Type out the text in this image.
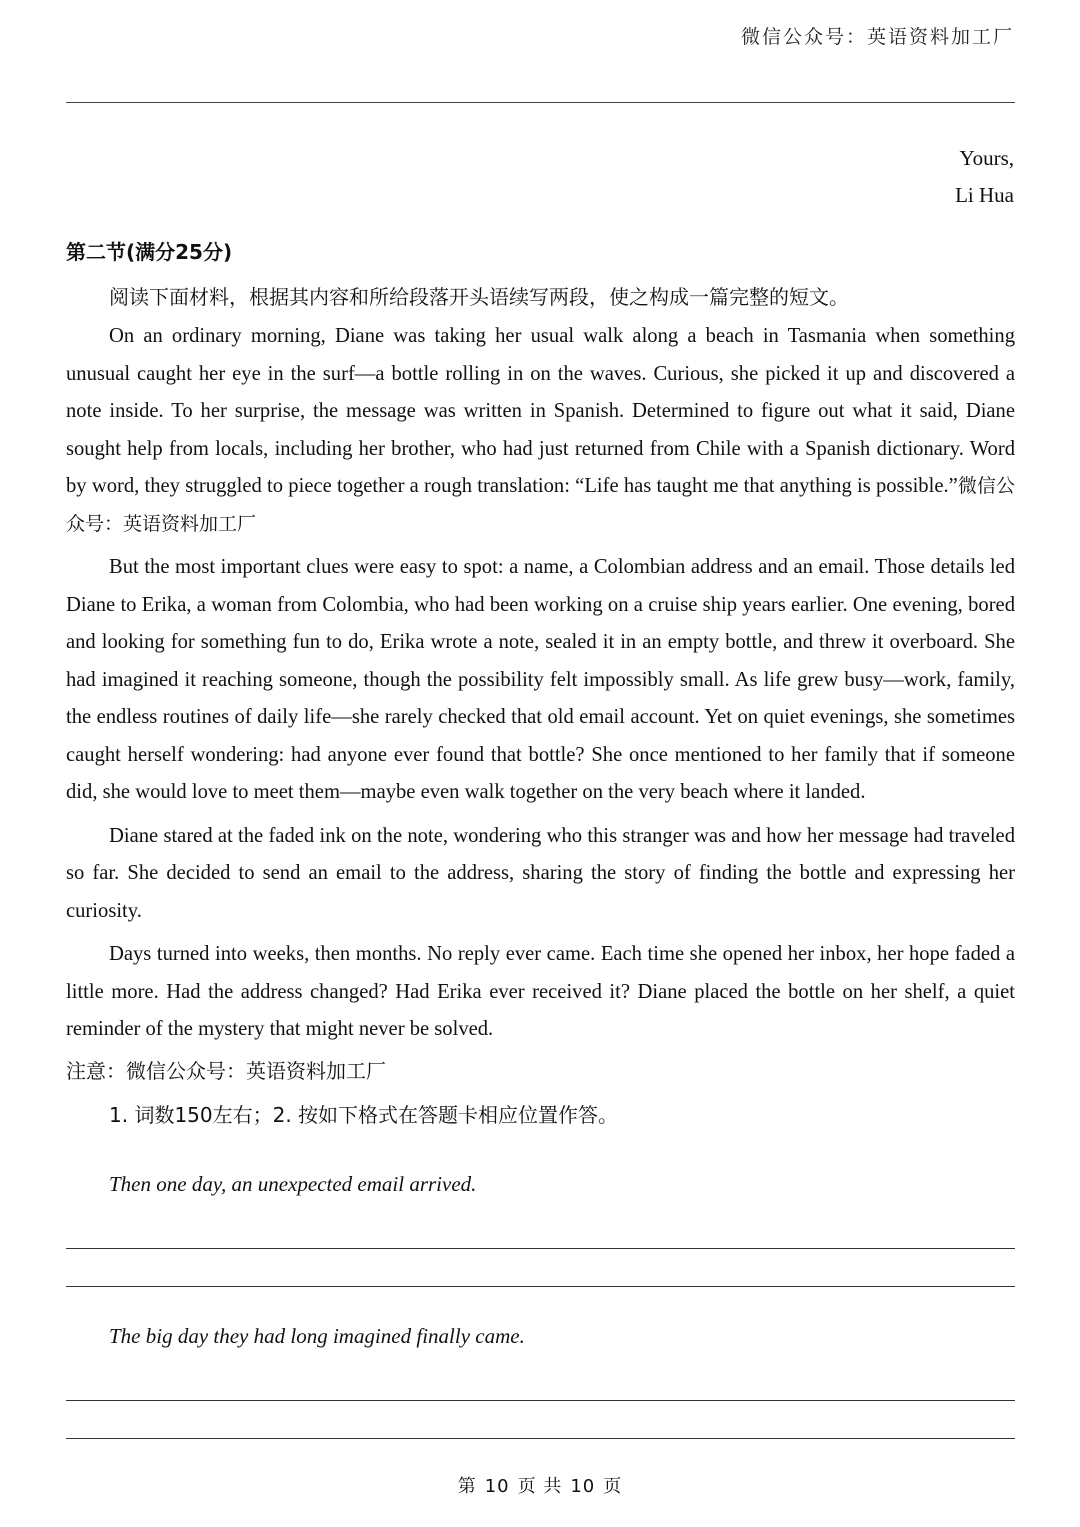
微信公众号：英语资料加工厂
Yours,
Li Hua
第二节(满分25分)

阅读下面材料，根据其内容和所给段落开头语续写两段，使之构成一篇完整的短文。

On an ordinary morning, Diane was taking her usual walk along a beach in Tasmania when something unusual caught her eye in the surf—a bottle rolling in on the waves. Curious, she picked it up and discovered a note inside. To her surprise, the message was written in Spanish. Determined to figure out what it said, Diane sought help from locals, including her brother, who had just returned from Chile with a Spanish dictionary. Word by word, they struggled to piece together a rough translation: “Life has taught me that anything is possible.”微信公众号：英语资料加工厂

But the most important clues were easy to spot: a name, a Colombian address and an email. Those details led Diane to Erika, a woman from Colombia, who had been working on a cruise ship years earlier. One evening, bored and looking for something fun to do, Erika wrote a note, sealed it in an empty bottle, and threw it overboard. She had imagined it reaching someone, though the possibility felt impossibly small. As life grew busy—work, family, the endless routines of daily life—she rarely checked that old email account. Yet on quiet evenings, she sometimes caught herself wondering: had anyone ever found that bottle? She once mentioned to her family that if someone did, she would love to meet them—maybe even walk together on the very beach where it landed.

Diane stared at the faded ink on the note, wondering who this stranger was and how her message had traveled so far. She decided to send an email to the address, sharing the story of finding the bottle and expressing her curiosity.

Days turned into weeks, then months. No reply ever came. Each time she opened her inbox, her hope faded a little more. Had the address changed? Had Erika ever received it? Diane placed the bottle on her shelf, a quiet reminder of the mystery that might never be solved.

注意：微信公众号：英语资料加工厂

1. 词数150左右；2. 按如下格式在答题卡相应位置作答。

Then one day, an unexpected email arrived.
The big day they had long imagined finally came.
第 10 页 共 10 页
